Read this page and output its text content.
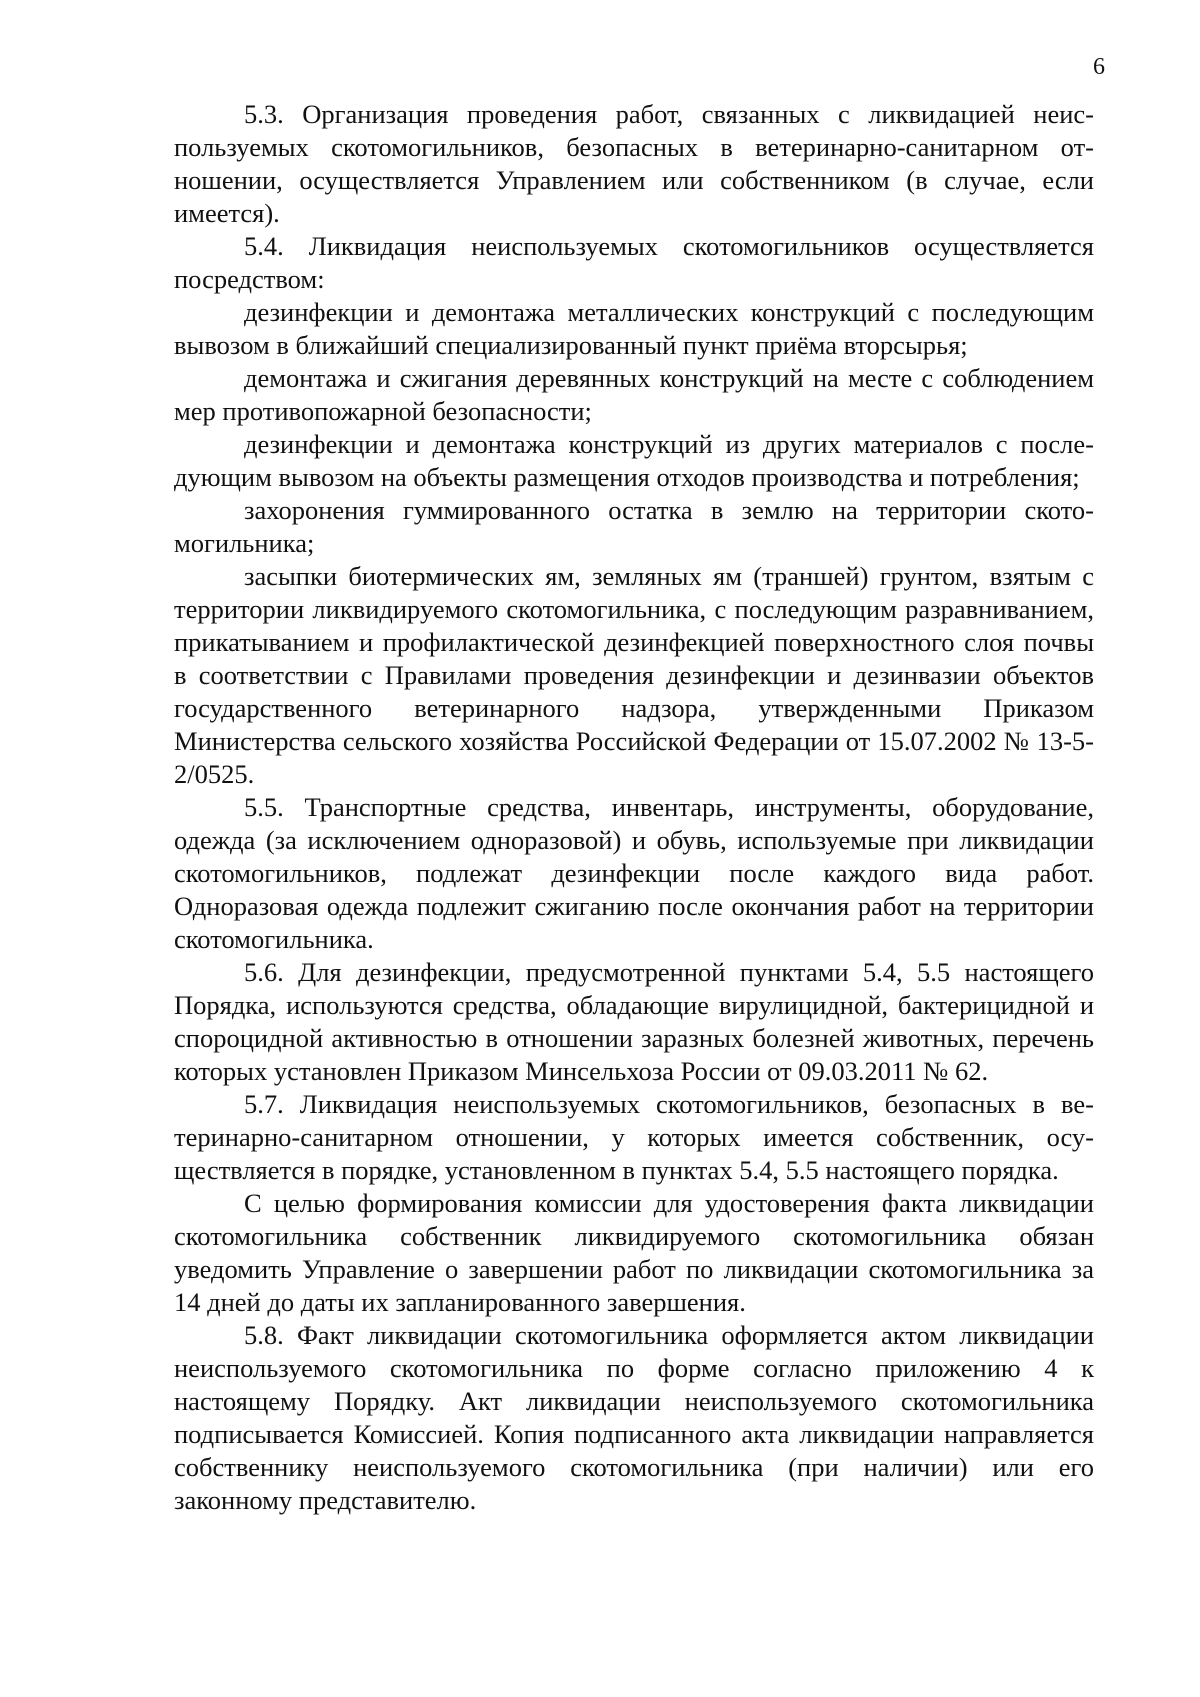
6

5.3. Организация проведения работ, связанных с ликвидацией неиспользуемых скотомогильников, безопасных в ветеринарно-санитарном отношении, осуществляется Управлением или собственником (в случае, если имеется).

5.4. Ликвидация неиспользуемых скотомогильников осуществляется посредством:

дезинфекции и демонтажа металлических конструкций с последующим вывозом в ближайший специализированный пункт приёма вторсырья;

демонтажа и сжигания деревянных конструкций на месте с соблюдением мер противопожарной безопасности;

дезинфекции и демонтажа конструкций из других материалов с последующим вывозом на объекты размещения отходов производства и потребления;

захоронения гуммированного остатка в землю на территории скотомогильника;

засыпки биотермических ям, земляных ям (траншей) грунтом, взятым с территории ликвидируемого скотомогильника, с последующим разравниванием, прикатыванием и профилактической дезинфекцией поверхностного слоя почвы в соответствии с Правилами проведения дезинфекции и дезинвазии объектов государственного ветеринарного надзора, утвержденными Приказом Министерства сельского хозяйства Российской Федерации от 15.07.2002 № 13-5-2/0525.

5.5. Транспортные средства, инвентарь, инструменты, оборудование, одежда (за исключением одноразовой) и обувь, используемые при ликвидации скотомогильников, подлежат дезинфекции после каждого вида работ. Одноразовая одежда подлежит сжиганию после окончания работ на территории скотомогильника.

5.6. Для дезинфекции, предусмотренной пунктами 5.4, 5.5 настоящего Порядка, используются средства, обладающие вирулицидной, бактерицидной и спороцидной активностью в отношении заразных болезней животных, перечень которых установлен Приказом Минсельхоза России от 09.03.2011 № 62.

5.7. Ликвидация неиспользуемых скотомогильников, безопасных в ветеринарно-санитарном отношении, у которых имеется собственник, осуществляется в порядке, установленном в пунктах 5.4, 5.5 настоящего порядка.

С целью формирования комиссии для удостоверения факта ликвидации скотомогильника собственник ликвидируемого скотомогильника обязан уведомить Управление о завершении работ по ликвидации скотомогильника за 14 дней до даты их запланированного завершения.

5.8. Факт ликвидации скотомогильника оформляется актом ликвидации неиспользуемого скотомогильника по форме согласно приложению 4 к настоящему Порядку. Акт ликвидации неиспользуемого скотомогильника подписывается Комиссией. Копия подписанного акта ликвидации направляется собственнику неиспользуемого скотомогильника (при наличии) или его законному представителю.
